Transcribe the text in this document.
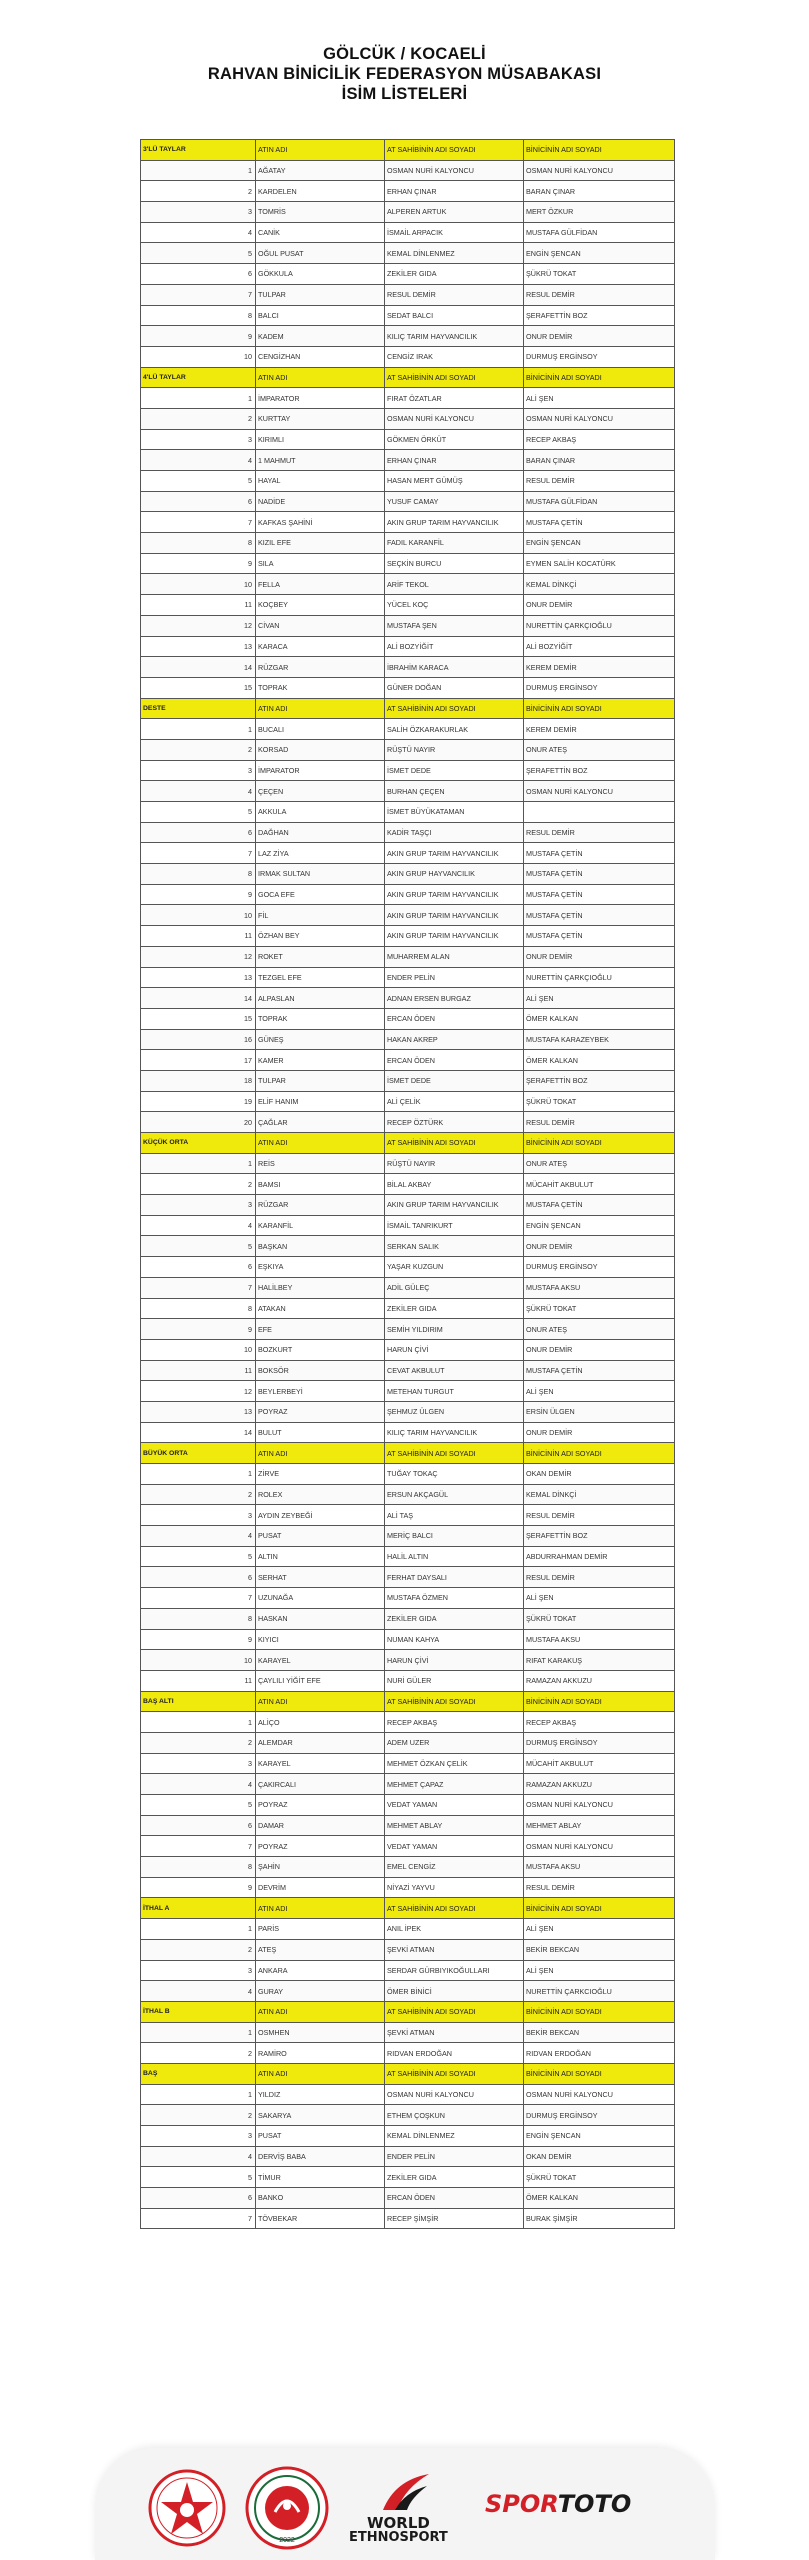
GÖLCÜK / KOCAELİ
RAHVAN BİNİCİLİK FEDERASYON MÜSABAKASI
İSİM LİSTELERİ
3'LÜ TAYLAR	ATIN ADI	AT SAHİBİNİN ADI SOYADI	BİNİCİNİN ADI SOYADI
1	AĞATAY	OSMAN NURİ KALYONCU	OSMAN NURİ KALYONCU
2	KARDELEN	ERHAN ÇINAR	BARAN ÇINAR
3	TOMRİS	ALPEREN ARTUK	MERT ÖZKUR
4	CANİK	İSMAİL ARPACIK	MUSTAFA GÜLFİDAN
5	OĞUL PUSAT	KEMAL DİNLENMEZ	ENGİN ŞENCAN
6	GÖKKULA	ZEKİLER GIDA	ŞÜKRÜ TOKAT
7	TULPAR	RESUL DEMİR	RESUL DEMİR
8	BALCI	SEDAT BALCI	ŞERAFETTİN BOZ
9	KADEM	KILIÇ TARIM HAYVANCILIK	ONUR DEMİR
10	CENGİZHAN	CENGİZ IRAK	DURMUŞ ERGİNSOY
4'LÜ TAYLAR	ATIN ADI	AT SAHİBİNİN ADI SOYADI	BİNİCİNİN ADI SOYADI
1	İMPARATOR	FIRAT ÖZATLAR	ALİ ŞEN
2	KURTTAY	OSMAN NURİ KALYONCU	OSMAN NURİ KALYONCU
3	KIRIMLI	GÖKMEN ÖRKÜT	RECEP AKBAŞ
4	1 MAHMUT	ERHAN ÇINAR	BARAN ÇINAR
5	HAYAL	HASAN MERT GÜMÜŞ	RESUL DEMİR
6	NADİDE	YUSUF CAMAY	MUSTAFA GÜLFİDAN
7	KAFKAS ŞAHİNİ	AKIN GRUP TARIM HAYVANCILIK	MUSTAFA ÇETİN
8	KIZIL EFE	FADIL KARANFİL	ENGİN ŞENCAN
9	SILA	SEÇKİN BURCU	EYMEN SALİH KOCATÜRK
10	FELLA	ARİF TEKOL	KEMAL DİNKÇİ
11	KOÇBEY	YÜCEL KOÇ	ONUR DEMİR
12	CİVAN	MUSTAFA ŞEN	NURETTİN ÇARKÇIOĞLU
13	KARACA	ALİ BOZYİĞİT	ALİ BOZYİĞİT
14	RÜZGAR	İBRAHİM KARACA	KEREM DEMİR
15	TOPRAK	GÜNER DOĞAN	DURMUŞ ERGİNSOY
DESTE	ATIN ADI	AT SAHİBİNİN ADI SOYADI	BİNİCİNİN ADI SOYADI
1	BUCALI	SALİH ÖZKARAKURLAK	KEREM DEMİR
2	KORSAD	RÜŞTÜ NAYIR	ONUR ATEŞ
3	İMPARATOR	İSMET DEDE	ŞERAFETTİN BOZ
4	ÇEÇEN	BURHAN ÇEÇEN	OSMAN NURİ KALYONCU
5	AKKULA	İSMET BÜYÜKATAMAN	
6	DAĞHAN	KADİR TAŞÇI	RESUL DEMİR
7	LAZ ZİYA	AKIN GRUP TARIM HAYVANCILIK	MUSTAFA ÇETİN
8	IRMAK SULTAN	AKIN GRUP HAYVANCILIK	MUSTAFA ÇETİN
9	GOCA EFE	AKIN GRUP TARIM HAYVANCILIK	MUSTAFA ÇETİN
10	FİL	AKIN GRUP TARIM HAYVANCILIK	MUSTAFA ÇETİN
11	ÖZHAN BEY	AKIN GRUP TARIM HAYVANCILIK	MUSTAFA ÇETİN
12	ROKET	MUHARREM ALAN	ONUR DEMİR
13	TEZGEL EFE	ENDER PELİN	NURETTİN ÇARKÇIOĞLU
14	ALPASLAN	ADNAN ERSEN BURGAZ	ALİ ŞEN
15	TOPRAK	ERCAN ÖDEN	ÖMER KALKAN
16	GÜNEŞ	HAKAN AKREP	MUSTAFA KARAZEYBEK
17	KAMER	ERCAN ÖDEN	ÖMER KALKAN
18	TULPAR	İSMET DEDE	ŞERAFETTİN BOZ
19	ELİF HANIM	ALİ ÇELİK	ŞÜKRÜ TOKAT
20	ÇAĞLAR	RECEP ÖZTÜRK	RESUL DEMİR
KÜÇÜK ORTA	ATIN ADI	AT SAHİBİNİN ADI SOYADI	BİNİCİNİN ADI SOYADI
1	REİS	RÜŞTÜ NAYIR	ONUR ATEŞ
2	BAMSI	BİLAL AKBAY	MÜCAHİT AKBULUT
3	RÜZGAR	AKIN GRUP TARIM HAYVANCILIK	MUSTAFA ÇETİN
4	KARANFİL	İSMAİL TANRIKURT	ENGİN ŞENCAN
5	BAŞKAN	SERKAN SALIK	ONUR DEMİR
6	EŞKIYA	YAŞAR KUZGUN	DURMUŞ ERGİNSOY
7	HALİLBEY	ADİL GÜLEÇ	MUSTAFA AKSU
8	ATAKAN	ZEKİLER GIDA	ŞÜKRÜ TOKAT
9	EFE	SEMİH YILDIRIM	ONUR ATEŞ
10	BOZKURT	HARUN ÇİVİ	ONUR DEMİR
11	BOKSÖR	CEVAT AKBULUT	MUSTAFA ÇETİN
12	BEYLERBEYİ	METEHAN TURGUT	ALİ ŞEN
13	POYRAZ	ŞEHMUZ ÜLGEN	ERSİN ÜLGEN
14	BULUT	KILIÇ TARIM HAYVANCILIK	ONUR DEMİR
BÜYÜK ORTA	ATIN ADI	AT SAHİBİNİN ADI SOYADI	BİNİCİNİN ADI SOYADI
1	ZİRVE	TUĞAY TOKAÇ	OKAN DEMİR
2	ROLEX	ERSUN AKÇAGÜL	KEMAL DİNKÇİ
3	AYDIN ZEYBEĞİ	ALİ TAŞ	RESUL DEMİR
4	PUSAT	MERİÇ BALCI	ŞERAFETTİN BOZ
5	ALTIN	HALİL ALTIN	ABDURRAHMAN DEMİR
6	SERHAT	FERHAT DAYSALI	RESUL DEMİR
7	UZUNAĞA	MUSTAFA ÖZMEN	ALİ ŞEN
8	HASKAN	ZEKİLER GIDA	ŞÜKRÜ TOKAT
9	KIYICI	NUMAN KAHYA	MUSTAFA AKSU
10	KARAYEL	HARUN ÇİVİ	RIFAT KARAKUŞ
11	ÇAYLILI YİĞİT EFE	NURİ GÜLER	RAMAZAN AKKUZU
BAŞ ALTI	ATIN ADI	AT SAHİBİNİN ADI SOYADI	BİNİCİNİN ADI SOYADI
1	ALİÇO	RECEP AKBAŞ	RECEP AKBAŞ
2	ALEMDAR	ADEM UZER	DURMUŞ ERGİNSOY
3	KARAYEL	MEHMET ÖZKAN ÇELİK	MÜCAHİT AKBULUT
4	ÇAKIRCALI	MEHMET ÇAPAZ	RAMAZAN AKKUZU
5	POYRAZ	VEDAT YAMAN	OSMAN NURİ KALYONCU
6	DAMAR	MEHMET ABLAY	MEHMET ABLAY
7	POYRAZ	VEDAT YAMAN	OSMAN NURİ KALYONCU
8	ŞAHİN	EMEL CENGİZ	MUSTAFA AKSU
9	DEVRİM	NİYAZİ YAYVU	RESUL DEMİR
İTHAL A	ATIN ADI	AT SAHİBİNİN ADI SOYADI	BİNİCİNİN ADI SOYADI
1	PARİS	ANIL İPEK	ALİ ŞEN
2	ATEŞ	ŞEVKİ ATMAN	BEKİR BEKCAN
3	ANKARA	SERDAR GÜRBIYIKOĞULLARI	ALİ ŞEN
4	GURAY	ÖMER BİNİCİ	NURETTİN ÇARKCIOĞLU
İTHAL B	ATIN ADI	AT SAHİBİNİN ADI SOYADI	BİNİCİNİN ADI SOYADI
1	OSMHEN	ŞEVKİ ATMAN	BEKİR BEKCAN
2	RAMİRO	RIDVAN ERDOĞAN	RIDVAN ERDOĞAN
BAŞ	ATIN ADI	AT SAHİBİNİN ADI SOYADI	BİNİCİNİN ADI SOYADI
1	YILDIZ	OSMAN NURİ KALYONCU	OSMAN NURİ KALYONCU
2	SAKARYA	ETHEM ÇOŞKUN	DURMUŞ ERGİNSOY
3	PUSAT	KEMAL DİNLENMEZ	ENGİN ŞENCAN
4	DERVİŞ BABA	ENDER PELİN	OKAN DEMİR
5	TİMUR	ZEKİLER GIDA	ŞÜKRÜ TOKAT
6	BANKO	ERCAN ÖDEN	ÖMER KALKAN
7	TÖVBEKAR	RECEP ŞİMŞİR	BURAK ŞİMŞİR
2022
WORLD
ETHNOSPORT
SPORTOTO
